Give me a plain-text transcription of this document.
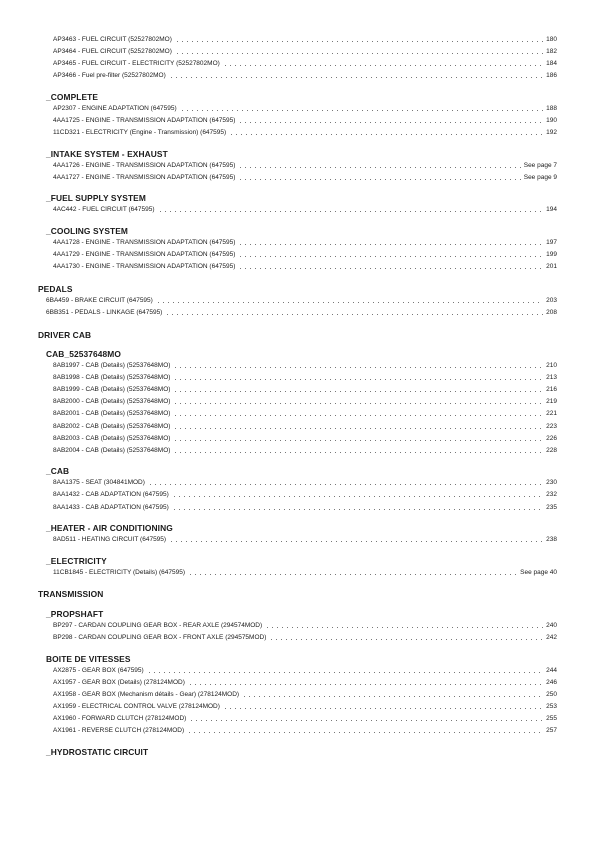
AP3463 - FUEL CIRCUIT (52527802MO)	180
AP3464 - FUEL CIRCUIT (52527802MO)	182
AP3465 - FUEL CIRCUIT - ELECTRICITY (52527802MO)	184
AP3466 - Fuel pre-filter (52527802MO)	186
_COMPLETE
AP2307 - ENGINE ADAPTATION (647595)	188
4AA1725 - ENGINE - TRANSMISSION ADAPTATION (647595)	190
11CD321 - ELECTRICITY (Engine - Transmission) (647595)	192
_INTAKE SYSTEM - EXHAUST
4AA1726 - ENGINE - TRANSMISSION ADAPTATION (647595)	See page 7
4AA1727 - ENGINE - TRANSMISSION ADAPTATION (647595)	See page 9
_FUEL SUPPLY SYSTEM
4AC442 - FUEL CIRCUIT (647595)	194
_COOLING SYSTEM
4AA1728 - ENGINE - TRANSMISSION ADAPTATION (647595)	197
4AA1729 - ENGINE - TRANSMISSION ADAPTATION (647595)	199
4AA1730 - ENGINE - TRANSMISSION ADAPTATION (647595)	201
PEDALS
6BA459 - BRAKE CIRCUIT (647595)	203
6BB351 - PEDALS - LINKAGE (647595)	208
DRIVER CAB
CAB_52537648MO
8AB1997 - CAB (Details) (52537648MO)	210
8AB1998 - CAB (Details) (52537648MO)	213
8AB1999 - CAB (Details) (52537648MO)	216
8AB2000 - CAB (Details) (52537648MO)	219
8AB2001 - CAB (Details) (52537648MO)	221
8AB2002 - CAB (Details) (52537648MO)	223
8AB2003 - CAB (Details) (52537648MO)	226
8AB2004 - CAB (Details) (52537648MO)	228
_CAB
8AA1375 - SEAT (304841MOD)	230
8AA1432 - CAB ADAPTATION (647595)	232
8AA1433 - CAB ADAPTATION (647595)	235
_HEATER - AIR CONDITIONING
8AD511 - HEATING CIRCUIT (647595)	238
_ELECTRICITY
11CB1845 - ELECTRICITY (Details) (647595)	See page 40
TRANSMISSION
_PROPSHAFT
BP297 - CARDAN COUPLING GEAR BOX - REAR AXLE (294574MOD)	240
BP298 - CARDAN COUPLING GEAR BOX - FRONT AXLE (294575MOD)	242
BOITE DE VITESSES
AX2875 - GEAR BOX (647595)	244
AX1957 - GEAR BOX (Details) (278124MOD)	246
AX1958 - GEAR BOX (Mechanism détails - Gear) (278124MOD)	250
AX1959 - ELECTRICAL CONTROL VALVE (278124MOD)	253
AX1960 - FORWARD CLUTCH (278124MOD)	255
AX1961 - REVERSE CLUTCH (278124MOD)	257
_HYDROSTATIC CIRCUIT
